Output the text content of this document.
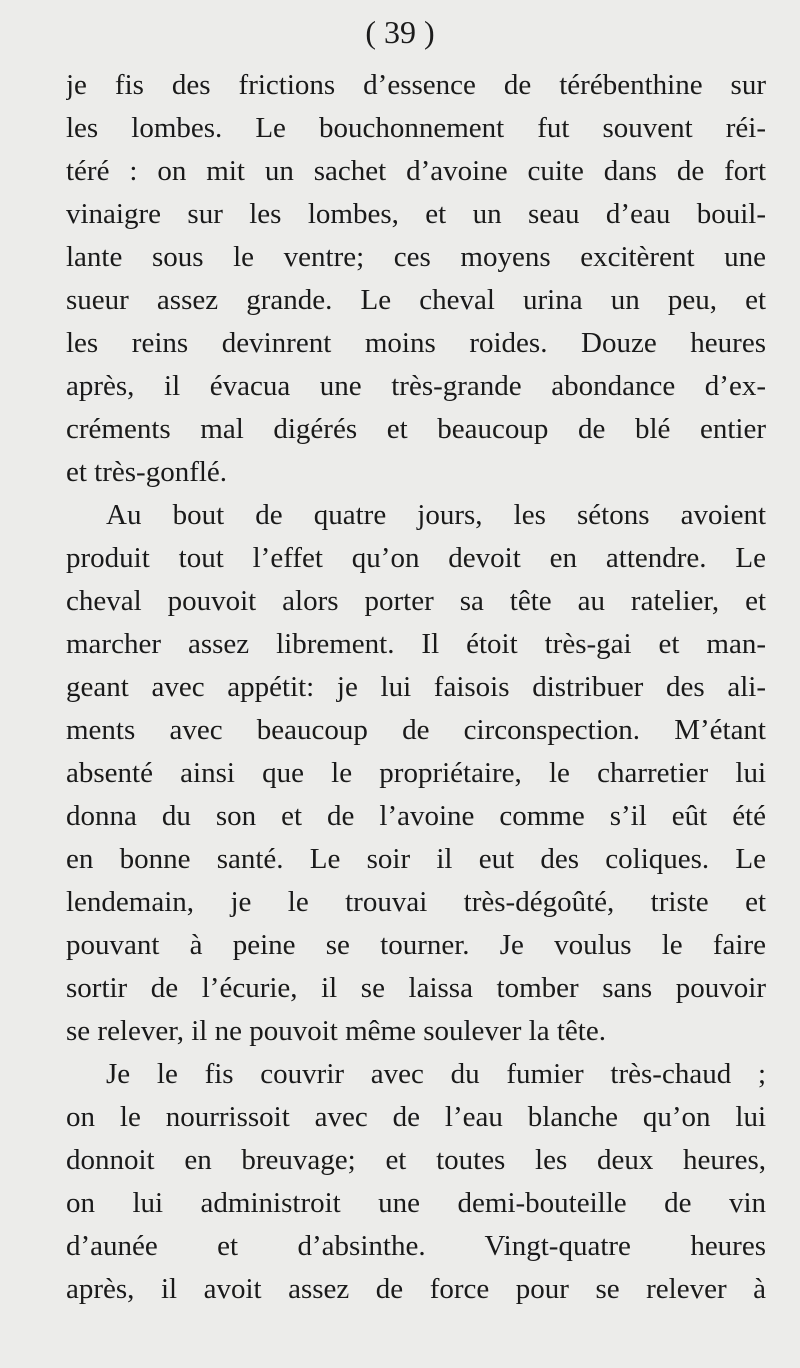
( 39 )
je fis des frictions d’essence de térébenthine sur
les lombes. Le bouchonnement fut souvent réi-
téré : on mit un sachet d’avoine cuite dans de fort
vinaigre sur les lombes, et un seau d’eau bouil-
lante sous le ventre; ces moyens excitèrent une
sueur assez grande. Le cheval urina un peu, et
les reins devinrent moins roides. Douze heures
après, il évacua une très-grande abondance d’ex-
créments mal digérés et beaucoup de blé entier
et très-gonflé.
Au bout de quatre jours, les sétons avoient
produit tout l’effet qu’on devoit en attendre. Le
cheval pouvoit alors porter sa tête au ratelier, et
marcher assez librement. Il étoit très-gai et man-
geant avec appétit: je lui faisois distribuer des ali-
ments avec beaucoup de circonspection. M’étant
absenté ainsi que le propriétaire, le charretier lui
donna du son et de l’avoine comme s’il eût été
en bonne santé. Le soir il eut des coliques. Le
lendemain, je le trouvai très-dégoûté, triste et
pouvant à peine se tourner. Je voulus le faire
sortir de l’écurie, il se laissa tomber sans pouvoir
se relever, il ne pouvoit même soulever la tête.
Je le fis couvrir avec du fumier très-chaud ;
on le nourrissoit avec de l’eau blanche qu’on lui
donnoit en breuvage; et toutes les deux heures,
on lui administroit une demi-bouteille de vin
d’aunée et d’absinthe. Vingt-quatre heures
après, il avoit assez de force pour se relever à
